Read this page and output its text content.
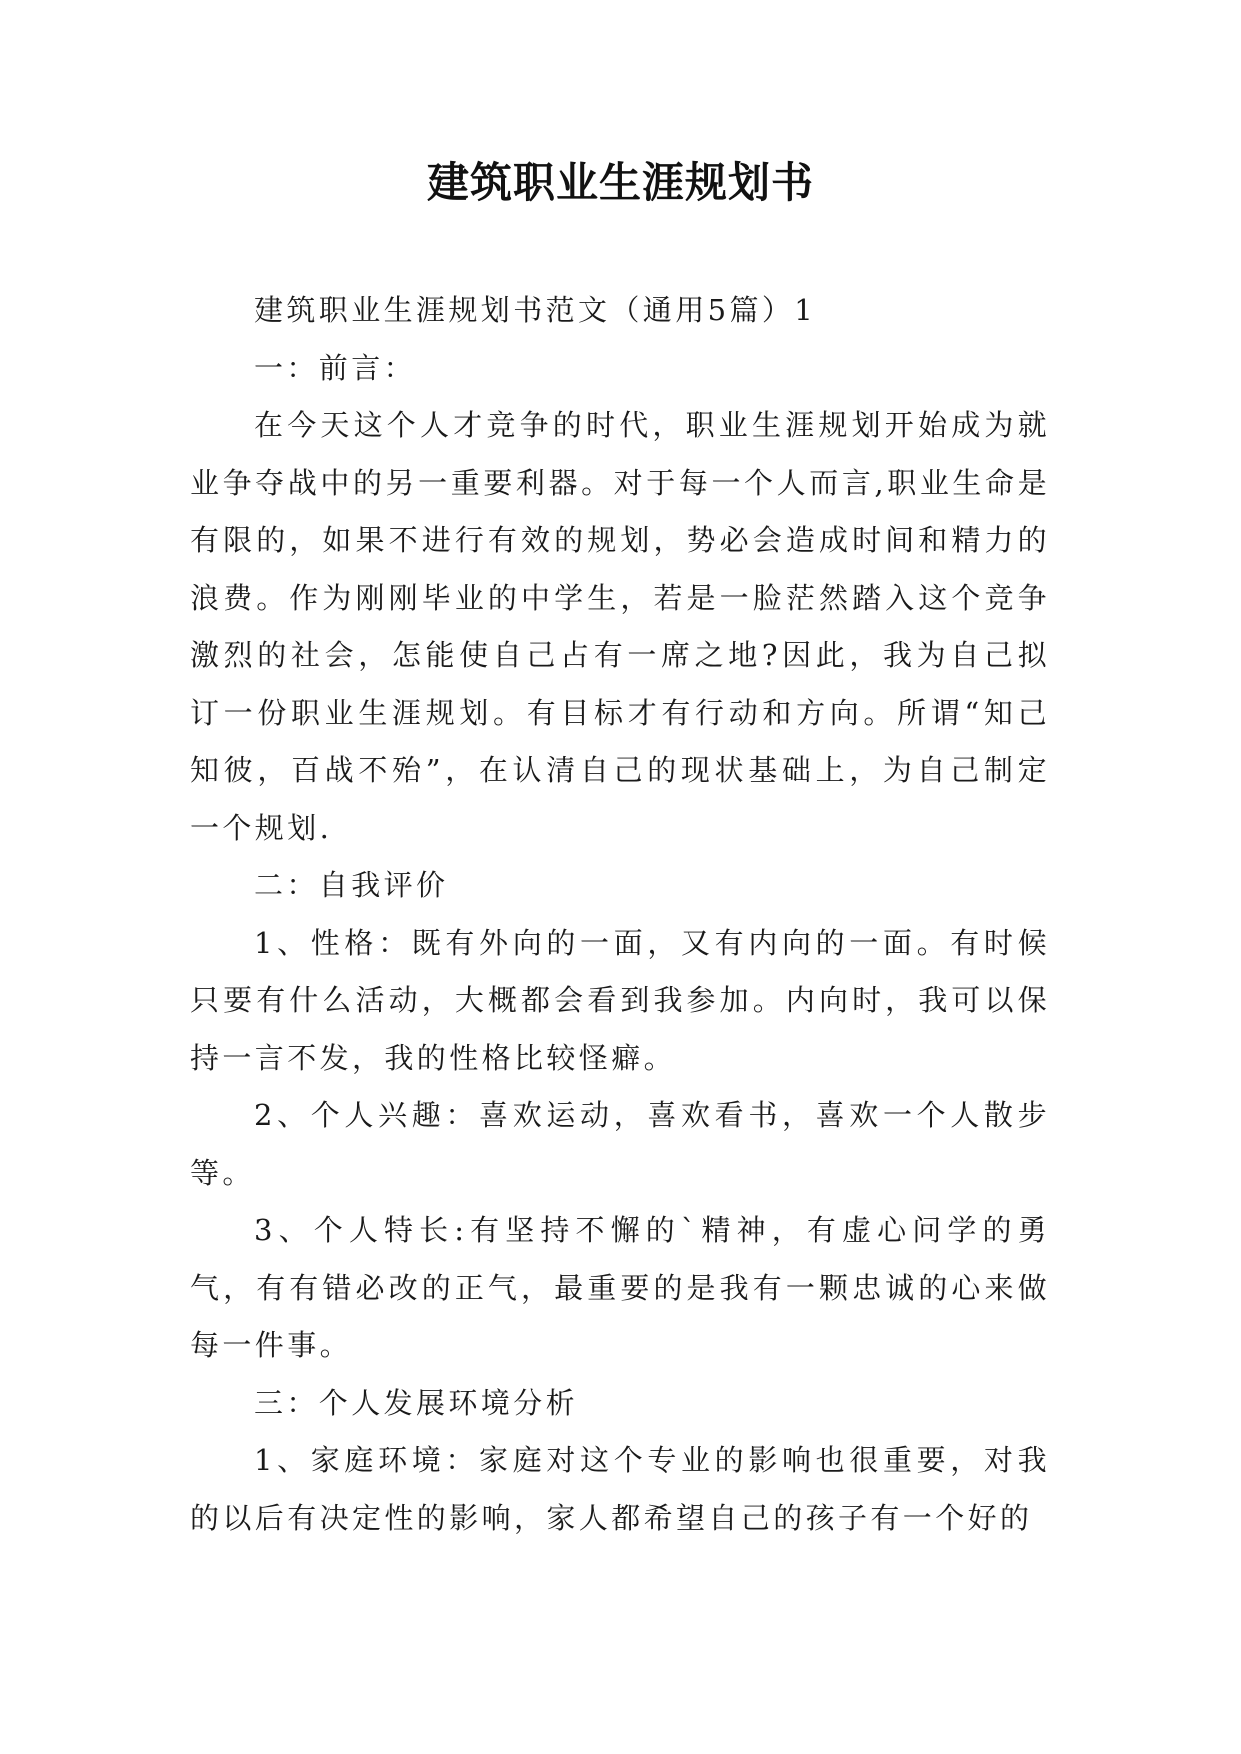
建筑职业生涯规划书

建筑职业生涯规划书范文（通用5篇）1

一：前言：

在今天这个人才竞争的时代，职业生涯规划开始成为就业争夺战中的另一重要利器。对于每一个人而言,职业生命是有限的，如果不进行有效的规划，势必会造成时间和精力的浪费。作为刚刚毕业的中学生，若是一脸茫然踏入这个竞争激烈的社会，怎能使自己占有一席之地?因此，我为自己拟订一份职业生涯规划。有目标才有行动和方向。所谓“知己知彼，百战不殆”，在认清自己的现状基础上，为自己制定一个规划.

二：自我评价

1、性格：既有外向的一面，又有内向的一面。有时候只要有什么活动，大概都会看到我参加。内向时，我可以保持一言不发，我的性格比较怪癖。

2、个人兴趣：喜欢运动，喜欢看书，喜欢一个人散步等。

3、个人特长:有坚持不懈的`精神，有虚心问学的勇气，有有错必改的正气，最重要的是我有一颗忠诚的心来做每一件事。

三：个人发展环境分析

1、家庭环境：家庭对这个专业的影响也很重要，对我的以后有决定性的影响，家人都希望自己的孩子有一个好的
